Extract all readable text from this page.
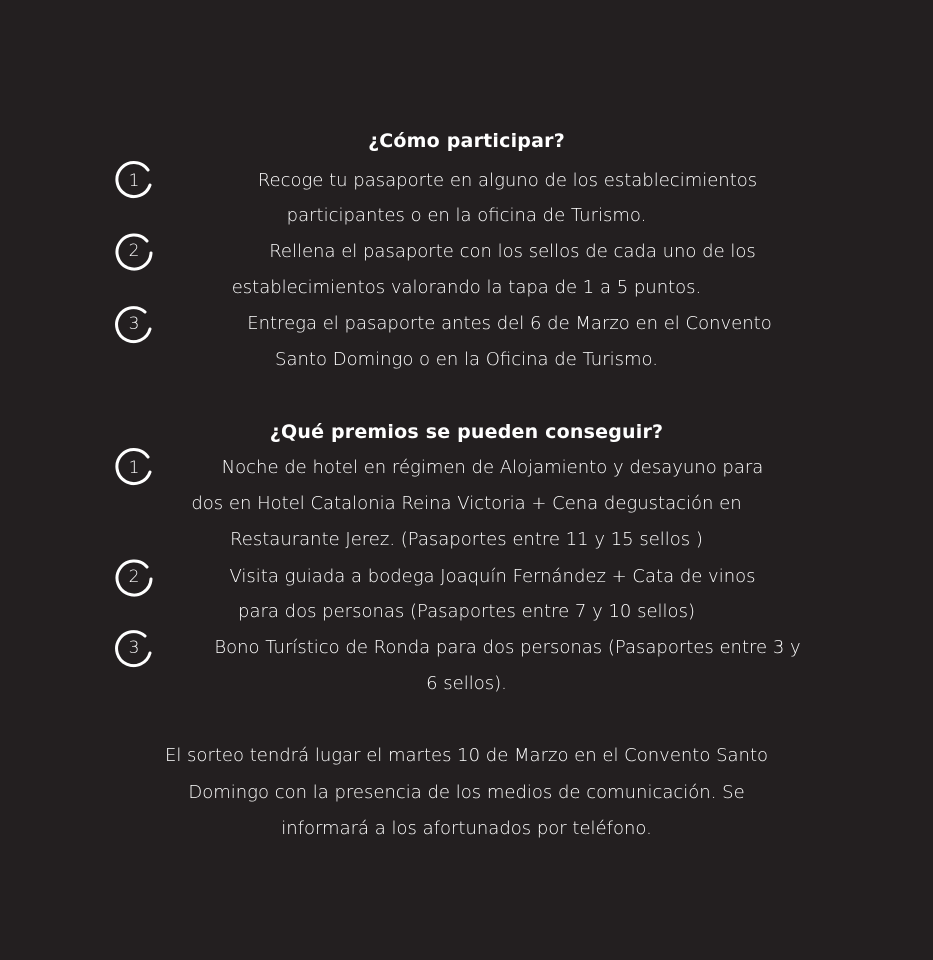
¿Cómo participar?
1	Recoge tu pasaporte en alguno de los establecimientos

participantes o en la oficina de Turismo.

2	Rellena el pasaporte con los sellos de cada uno de los

establecimientos valorando la tapa de 1 a 5 puntos.

3	Entrega el pasaporte antes del 6 de Marzo en el Convento

Santo Domingo o en la Oficina de Turismo.

¿Qué premios se pueden conseguir?
1	Noche de hotel en régimen de Alojamiento y desayuno para

dos en Hotel Catalonia Reina Victoria + Cena degustación en

Restaurante Jerez. (Pasaportes entre 11 y 15 sellos )

2	Visita guiada a bodega Joaquín Fernández + Cata de vinos

para dos personas (Pasaportes entre 7 y 10 sellos)

3	Bono Turístico de Ronda para dos personas (Pasaportes entre 3 y

6 sellos).

El sorteo tendrá lugar el martes 10 de Marzo en el Convento Santo

Domingo con la presencia de los medios de comunicación. Se

informará a los afortunados por teléfono.
